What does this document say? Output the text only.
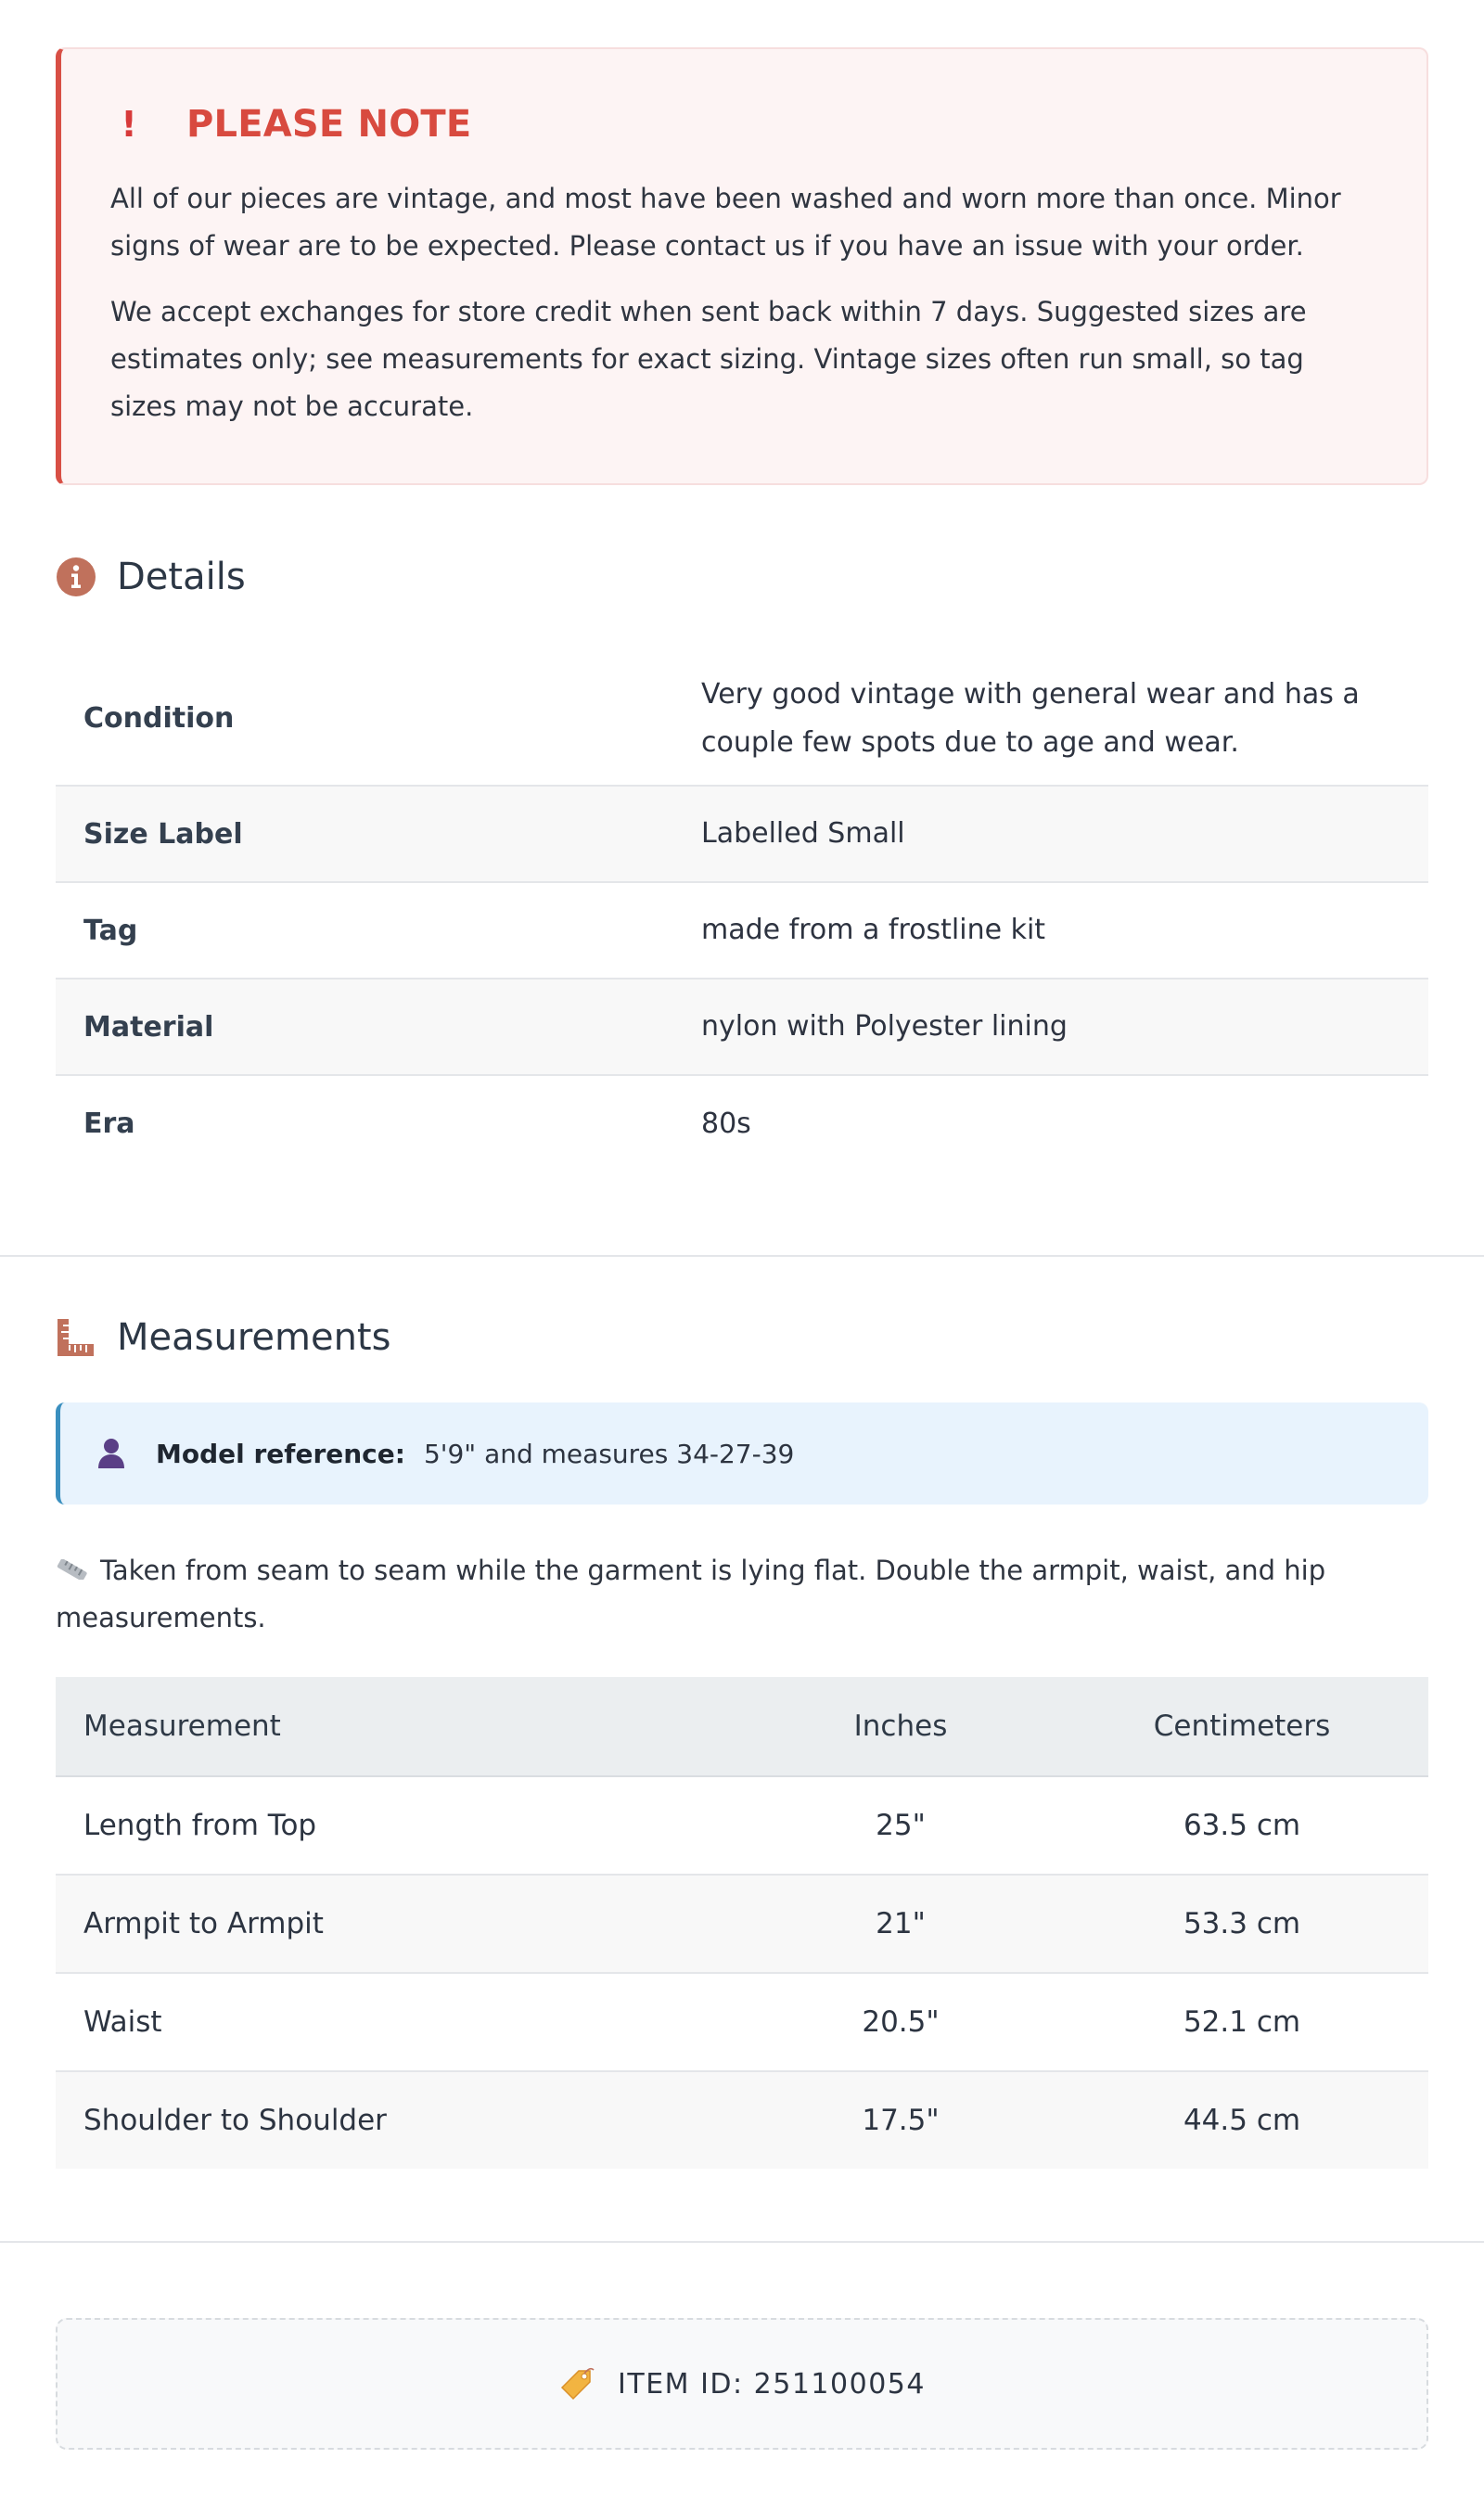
! PLEASE NOTE

All of our pieces are vintage, and most have been washed and worn more than once. Minor signs of wear are to be expected. Please contact us if you have an issue with your order.

We accept exchanges for store credit when sent back within 7 days. Suggested sizes are estimates only; see measurements for exact sizing. Vintage sizes often run small, so tag sizes may not be accurate.

Details
Condition	Very good vintage with general wear and has a couple few spots due to age and wear.
Size Label	Labelled Small
Tag	made from a frostline kit
Material	nylon with Polyester lining
Era	80s
Measurements
Model reference: 5'9" and measures 34-27-39
Taken from seam to seam while the garment is lying flat. Double the armpit, waist, and hip measurements.
Measurement	Inches	Centimeters
Length from Top	25"	63.5 cm
Armpit to Armpit	21"	53.3 cm
Waist	20.5"	52.1 cm
Shoulder to Shoulder	17.5"	44.5 cm
ITEM ID: 251100054
